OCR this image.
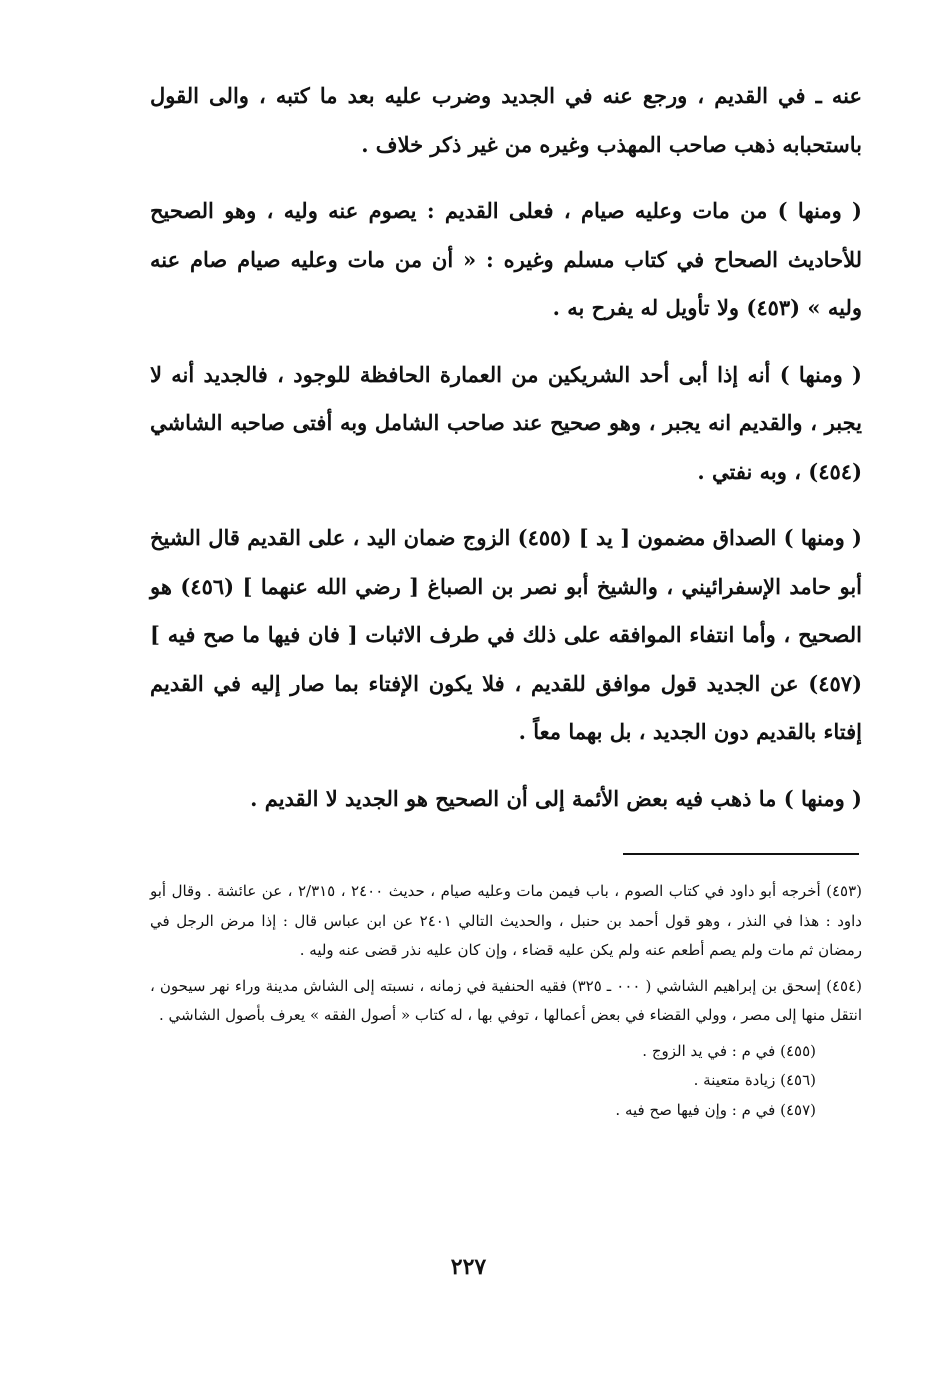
عنه ـ في القديم ، ورجع عنه في الجديد وضرب عليه بعد ما كتبه ، والى القول باستحبابه ذهب صاحب المهذب وغيره من غير ذكر خلاف .

( ومنها ) من مات وعليه صيام ، فعلى القديم : يصوم عنه وليه ، وهو الصحيح للأحاديث الصحاح في كتاب مسلم وغيره : « أن من مات وعليه صيام صام عنه وليه » (٤٥٣) ولا تأويل له يفرح به .

( ومنها ) أنه إذا أبى أحد الشريكين من العمارة الحافظة للوجود ، فالجديد أنه لا يجبر ، والقديم انه يجبر ، وهو صحيح عند صاحب الشامل وبه أفتى صاحبه الشاشي (٤٥٤) ، وبه نفتي .

( ومنها ) الصداق مضمون [ يد ] (٤٥٥) الزوج ضمان اليد ، على القديم قال الشيخ أبو حامد الإسفرائيني ، والشيخ أبو نصر بن الصباغ [ رضي الله عنهما ] (٤٥٦) هو الصحيح ، وأما انتفاء الموافقه على ذلك في طرف الاثبات [ فان فيها ما صح فيه ] (٤٥٧) عن الجديد قول موافق للقديم ، فلا يكون الإفتاء بما صار إليه في القديم إفتاء بالقديم دون الجديد ، بل بهما معاً .

( ومنها ) ما ذهب فيه بعض الأئمة إلى أن الصحيح هو الجديد لا القديم .

(٤٥٣) أخرجه أبو داود في كتاب الصوم ، باب فيمن مات وعليه صيام ، حديث ٢٤٠٠ ، ٢/٣١٥ ، عن عائشة . وقال أبو داود : هذا في النذر ، وهو قول أحمد بن حنبل ، والحديث التالي ٢٤٠١ عن ابن عباس قال : إذا مرض الرجل في رمضان ثم مات ولم يصم أطعم عنه ولم يكن عليه قضاء ، وإن كان عليه نذر قضى عنه وليه .

(٤٥٤) إسحق بن إبراهيم الشاشي ( ٠٠٠ ـ ٣٢٥) فقيه الحنفية في زمانه ، نسبته إلى الشاش مدينة وراء نهر سيحون ، انتقل منها إلى مصر ، وولي القضاء في بعض أعمالها ، توفي بها ، له كتاب « أصول الفقه » يعرف بأصول الشاشي .

(٤٥٥) في م : في يد الزوج .

(٤٥٦) زيادة متعينة .

(٤٥٧) في م : وإن فيها صح فيه .

٢٢٧
